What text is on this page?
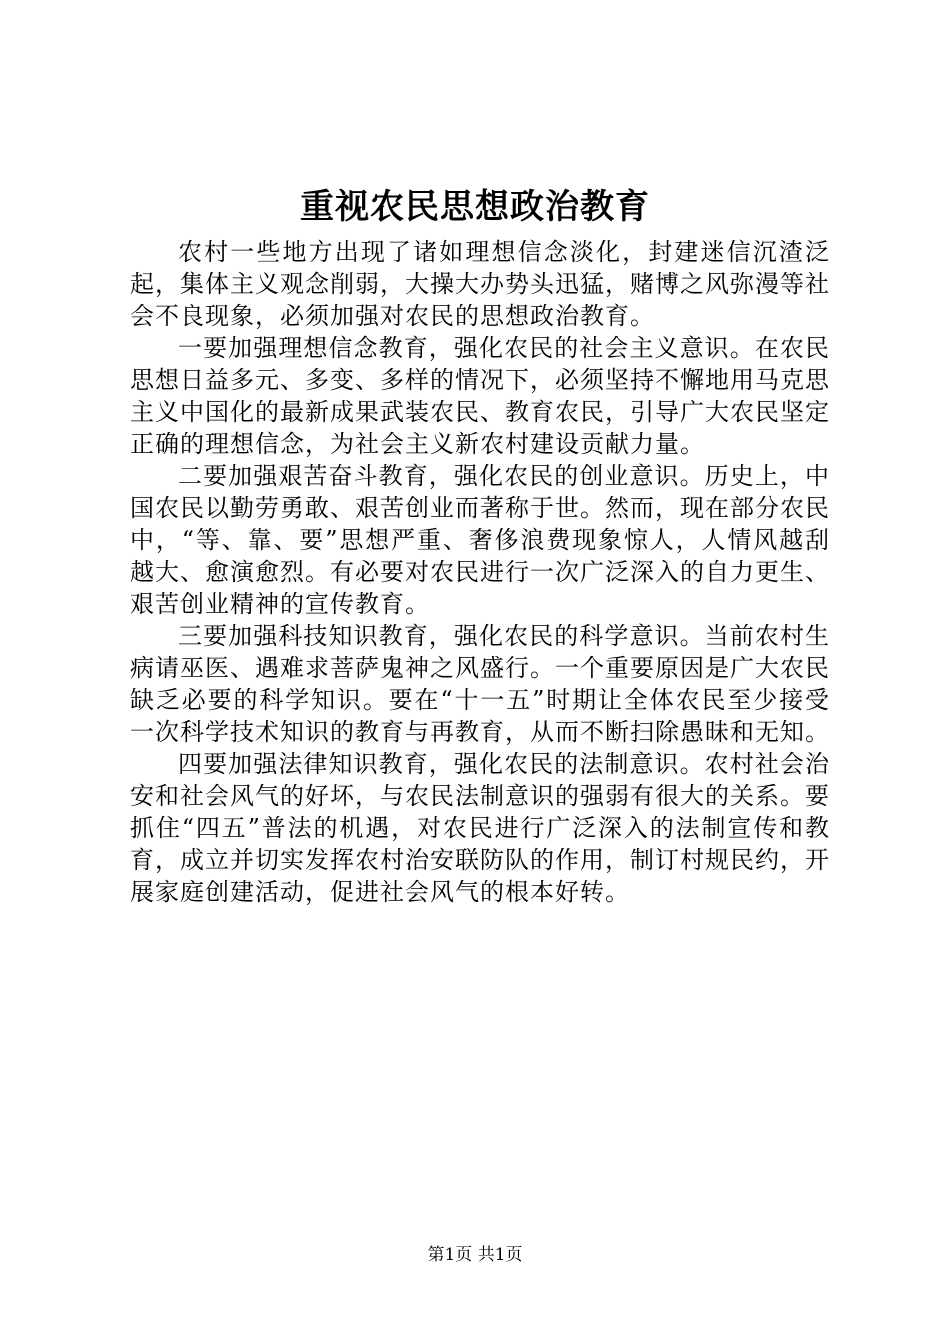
重视农民思想政治教育

农村一些地方出现了诸如理想信念淡化，封建迷信沉渣泛起，集体主义观念削弱，大操大办势头迅猛，赌博之风弥漫等社会不良现象，必须加强对农民的思想政治教育。

一要加强理想信念教育，强化农民的社会主义意识。在农民思想日益多元、多变、多样的情况下，必须坚持不懈地用马克思主义中国化的最新成果武装农民、教育农民，引导广大农民坚定正确的理想信念，为社会主义新农村建设贡献力量。

二要加强艰苦奋斗教育，强化农民的创业意识。历史上，中国农民以勤劳勇敢、艰苦创业而著称于世。然而，现在部分农民中，“等、靠、要”思想严重、奢侈浪费现象惊人，人情风越刮越大、愈演愈烈。有必要对农民进行一次广泛深入的自力更生、艰苦创业精神的宣传教育。

三要加强科技知识教育，强化农民的科学意识。当前农村生病请巫医、遇难求菩萨鬼神之风盛行。一个重要原因是广大农民缺乏必要的科学知识。要在“十一五”时期让全体农民至少接受一次科学技术知识的教育与再教育，从而不断扫除愚昧和无知。

四要加强法律知识教育，强化农民的法制意识。农村社会治安和社会风气的好坏，与农民法制意识的强弱有很大的关系。要抓住“四五”普法的机遇，对农民进行广泛深入的法制宣传和教育，成立并切实发挥农村治安联防队的作用，制订村规民约，开展家庭创建活动，促进社会风气的根本好转。

第1页 共1页
